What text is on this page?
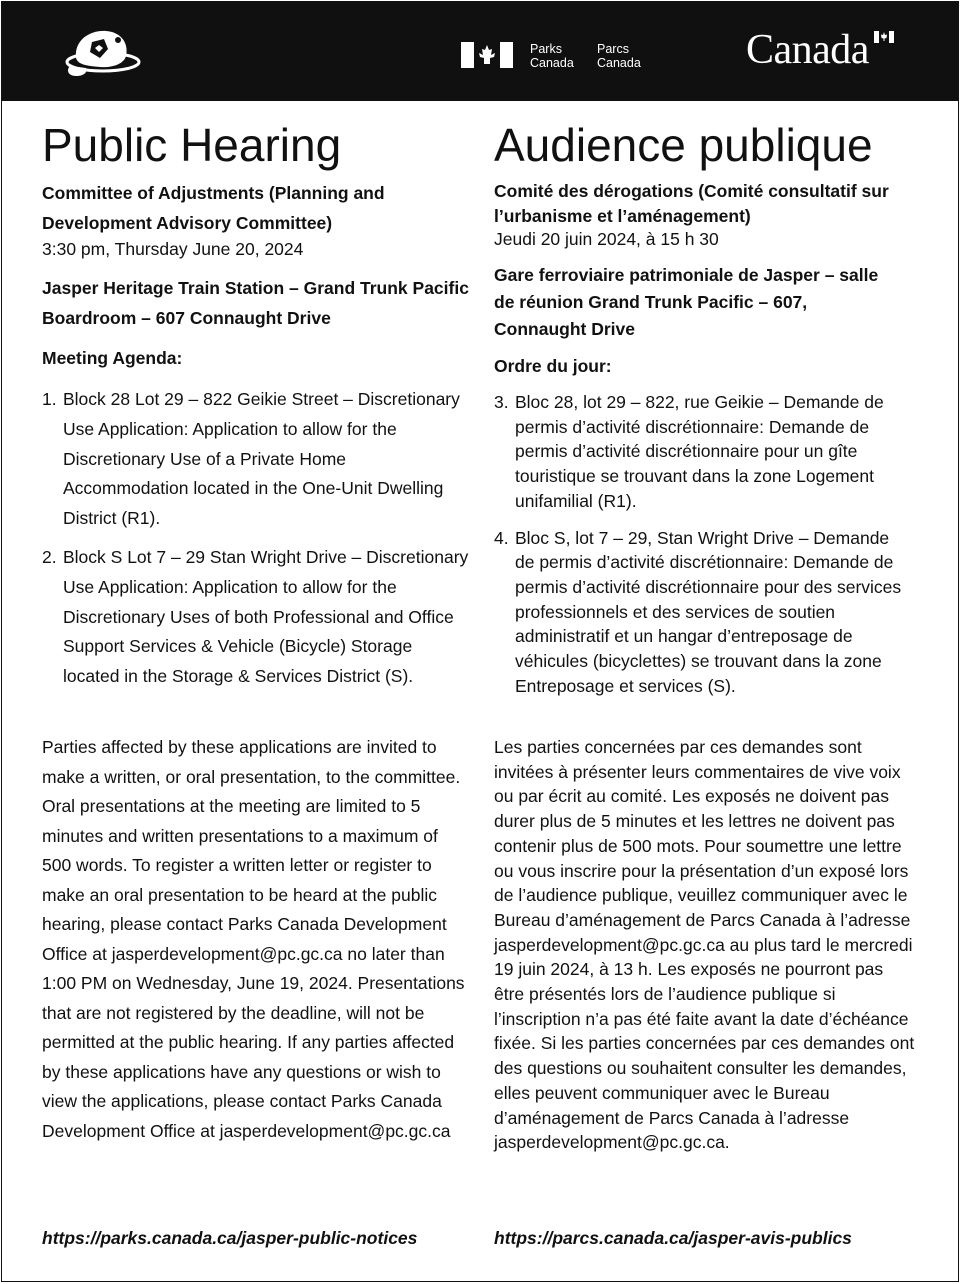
Parks
Canada
Parcs
Canada	Canada
Public Hearing
Committee of Adjustments (Planning and Development Advisory Committee)
3:30 pm, Thursday June 20, 2024
Jasper Heritage Train Station – Grand Trunk Pacific Boardroom – 607 Connaught Drive
Meeting Agenda:
1. Block 28 Lot 29 – 822 Geikie Street – Discretionary Use Application: Application to allow for the Discretionary Use of a Private Home Accommodation located in the One-Unit Dwelling District (R1).
2. Block S Lot 7 – 29 Stan Wright Drive – Discretionary Use Application: Application to allow for the Discretionary Uses of both Professional and Office Support Services & Vehicle (Bicycle) Storage located in the Storage & Services District (S).
Parties affected by these applications are invited to make a written, or oral presentation, to the committee. Oral presentations at the meeting are limited to 5 minutes and written presentations to a maximum of 500 words. To register a written letter or register to make an oral presentation to be heard at the public hearing, please contact Parks Canada Development Office at jasperdevelopment@pc.gc.ca no later than 1:00 PM on Wednesday, June 19, 2024. Presentations that are not registered by the deadline, will not be permitted at the public hearing. If any parties affected by these applications have any questions or wish to view the applications, please contact Parks Canada Development Office at jasperdevelopment@pc.gc.ca
https://parks.canada.ca/jasper-public-notices
Audience publique
Comité des dérogations (Comité consultatif sur l’urbanisme et l’aménagement)
Jeudi 20 juin 2024, à 15 h 30
Gare ferroviaire patrimoniale de Jasper – salle de réunion Grand Trunk Pacific – 607, Connaught Drive
Ordre du jour:
3. Bloc 28, lot 29 – 822, rue Geikie – Demande de permis d’activité discrétionnaire: Demande de permis d’activité discrétionnaire pour un gîte touristique se trouvant dans la zone Logement unifamilial (R1).
4. Bloc S, lot 7 – 29, Stan Wright Drive – Demande de permis d’activité discrétionnaire: Demande de permis d’activité discrétionnaire pour des services professionnels et des services de soutien administratif et un hangar d’entreposage de véhicules (bicyclettes) se trouvant dans la zone Entreposage et services (S).
Les parties concernées par ces demandes sont invitées à présenter leurs commentaires de vive voix ou par écrit au comité. Les exposés ne doivent pas durer plus de 5 minutes et les lettres ne doivent pas contenir plus de 500 mots. Pour soumettre une lettre ou vous inscrire pour la présentation d’un exposé lors de l’audience publique, veuillez communiquer avec le Bureau d’aménagement de Parcs Canada à l’adresse jasperdevelopment@pc.gc.ca au plus tard le mercredi 19 juin 2024, à 13 h. Les exposés ne pourront pas être présentés lors de l’audience publique si l’inscription n’a pas été faite avant la date d’échéance fixée. Si les parties concernées par ces demandes ont des questions ou souhaitent consulter les demandes, elles peuvent communiquer avec le Bureau d’aménagement de Parcs Canada à l’adresse jasperdevelopment@pc.gc.ca.
https://parcs.canada.ca/jasper-avis-publics
